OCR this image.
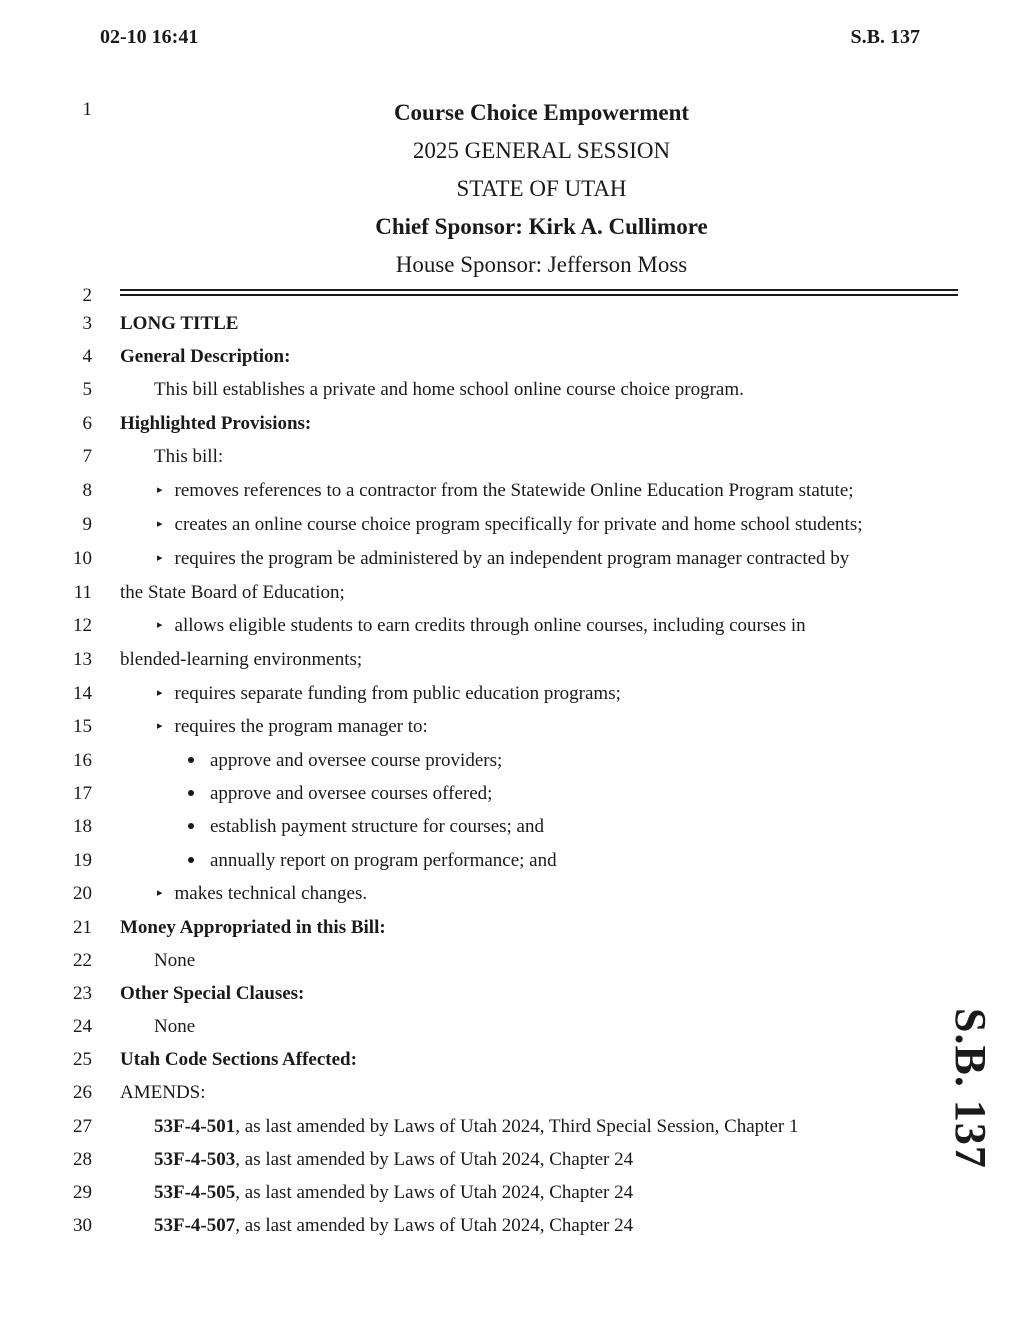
02-10 16:41	S.B. 137
S.B. 137
1
2
3
4
5
6
7
8
9
10
11
12
13
14
15
16
17
18
19
20
21
22
23
24
25
26
27
28
29
30
Course Choice Empowerment
2025 GENERAL SESSION
STATE OF UTAH
Chief Sponsor: Kirk A. Cullimore
House Sponsor: Jefferson Moss
LONG TITLE
General Description:
This bill establishes a private and home school online course choice program.
Highlighted Provisions:
This bill:
▸ removes references to a contractor from the Statewide Online Education Program statute;
▸ creates an online course choice program specifically for private and home school students;
▸ requires the program be administered by an independent program manager contracted by
the State Board of Education;
▸ allows eligible students to earn credits through online courses, including courses in
blended-learning environments;
▸ requires separate funding from public education programs;
▸ requires the program manager to:
approve and oversee course providers;
approve and oversee courses offered;
establish payment structure for courses; and
annually report on program performance; and
▸ makes technical changes.
Money Appropriated in this Bill:
None
Other Special Clauses:
None
Utah Code Sections Affected:
AMENDS:
53F-4-501, as last amended by Laws of Utah 2024, Third Special Session, Chapter 1
53F-4-503, as last amended by Laws of Utah 2024, Chapter 24
53F-4-505, as last amended by Laws of Utah 2024, Chapter 24
53F-4-507, as last amended by Laws of Utah 2024, Chapter 24
